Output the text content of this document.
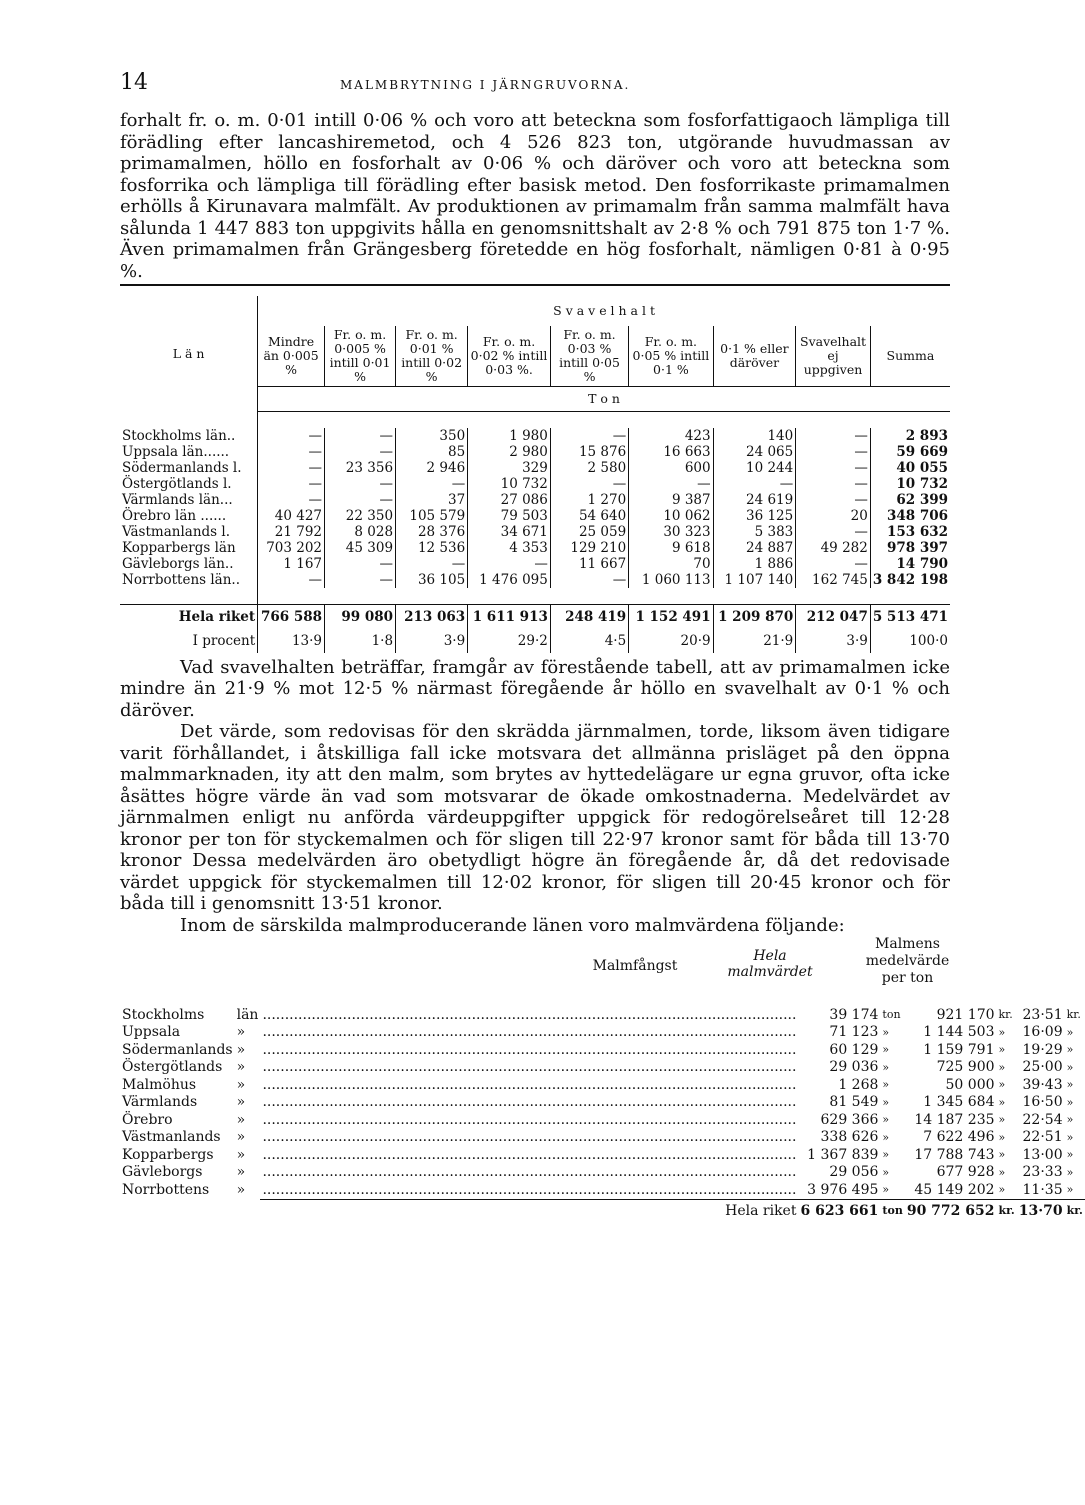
14	MALMBRYTNING I JÄRNGRUVORNA.

forhalt fr. o. m. 0·01 intill 0·06 % och voro att beteckna som fosforfattigaoch lämpliga till förädling efter lancashiremetod, och 4 526 823 ton, utgörande huvudmassan av primamalmen, höllo en fosforhalt av 0·06 % och däröver och voro att beteckna som fosforrika och lämpliga till förädling efter basisk metod. Den fosforrikaste primamalmen erhölls å Kirunavara malmfält. Av produktionen av primamalm från samma malmfält hava sålunda 1 447 883 ton uppgivits hålla en genomsnittshalt av 2·8 % och 791 875 ton 1·7 %. Även primamalmen från Grängesberg företedde en hög fosforhalt, nämligen 0·81 à 0·95 %.

L ä n	S v a v e l h a l t								
	Mindre än 0·005 %	Fr. o. m. 0·005 % intill 0·01 %	Fr. o. m. 0·01 % intill 0·02 %	Fr. o. m. 0·02 % intill 0·03 %.	Fr. o. m. 0·03 % intill 0·05 %	Fr. o. m. 0·05 % intill 0·1 %	0·1 % eller däröver	Svavelhalt ej uppgiven	Summa
	T o n								

Stockholms län..	—	—	350	1 980	—	423	140	—	2 893
Uppsala län......	—	—	85	2 980	15 876	16 663	24 065	—	59 669
Södermanlands l.	—	23 356	2 946	329	2 580	600	10 244	—	40 055
Östergötlands l.	—	—	—	10 732	—	—	—	—	10 732
Värmlands län...	—	—	37	27 086	1 270	9 387	24 619	—	62 399
Örebro län ......	40 427	22 350	105 579	79 503	54 640	10 062	36 125	20	348 706
Västmanlands l.	21 792	8 028	28 376	34 671	25 059	30 323	5 383	—	153 632
Kopparbergs län	703 202	45 309	12 536	4 353	129 210	9 618	24 887	49 282	978 397
Gävleborgs län..	1 167	—	—	—	11 667	70	1 886	—	14 790
Norrbottens län..	—	—	36 105	1 476 095	—	1 060 113	1 107 140	162 745	3 842 198

Hela riket	766 588	99 080	213 063	1 611 913	248 419	1 152 491	1 209 870	212 047	5 513 471
I procent	13·9	1·8	3·9	29·2	4·5	20·9	21·9	3·9	100·0

Vad svavelhalten beträffar, framgår av förestående tabell, att av primamalmen icke mindre än 21·9 % mot 12·5 % närmast föregående år höllo en svavelhalt av 0·1 % och däröver.

Det värde, som redovisas för den skrädda järnmalmen, torde, liksom även tidigare varit förhållandet, i åtskilliga fall icke motsvara det allmänna prisläget på den öppna malmmarknaden, ity att den malm, som brytes av hyttedelägare ur egna gruvor, ofta icke åsättes högre värde än vad som motsvarar de ökade omkostnaderna. Medelvärdet av järnmalmen enligt nu anförda värdeuppgifter uppgick för redogörelseåret till 12·28 kronor per ton för styckemalmen och för sligen till 22·97 kronor samt för båda till 13·70 kronor Dessa medelvärden äro obetydligt högre än föregående år, då det redovisade värdet uppgick för styckemalmen till 12·02 kronor, för sligen till 20·45 kronor och för båda till i genomsnitt 13·51 kronor.

Inom de särskilda malmproducerande länen voro malmvärdena följande:

Malmfångst
Hela malmvärdet
Malmens medelvärde per ton
Stockholms	län	........................................................................................................................	39 174	ton	921 170	kr.	23·51	kr.
Uppsala	»	........................................................................................................................	71 123	»	1 144 503	»	16·09	»
Södermanlands	»	........................................................................................................................	60 129	»	1 159 791	»	19·29	»
Östergötlands	»	........................................................................................................................	29 036	»	725 900	»	25·00	»
Malmöhus	»	........................................................................................................................	1 268	»	50 000	»	39·43	»
Värmlands	»	........................................................................................................................	81 549	»	1 345 684	»	16·50	»
Örebro	»	........................................................................................................................	629 366	»	14 187 235	»	22·54	»
Västmanlands	»	........................................................................................................................	338 626	»	7 622 496	»	22·51	»
Kopparbergs	»	........................................................................................................................	1 367 839	»	17 788 743	»	13·00	»
Gävleborgs	»	........................................................................................................................	29 056	»	677 928	»	23·33	»
Norrbottens	»	........................................................................................................................	3 976 495	»	45 149 202	»	11·35	»
		Hela riket	6 623 661	ton	90 772 652	kr.	13·70	kr.
